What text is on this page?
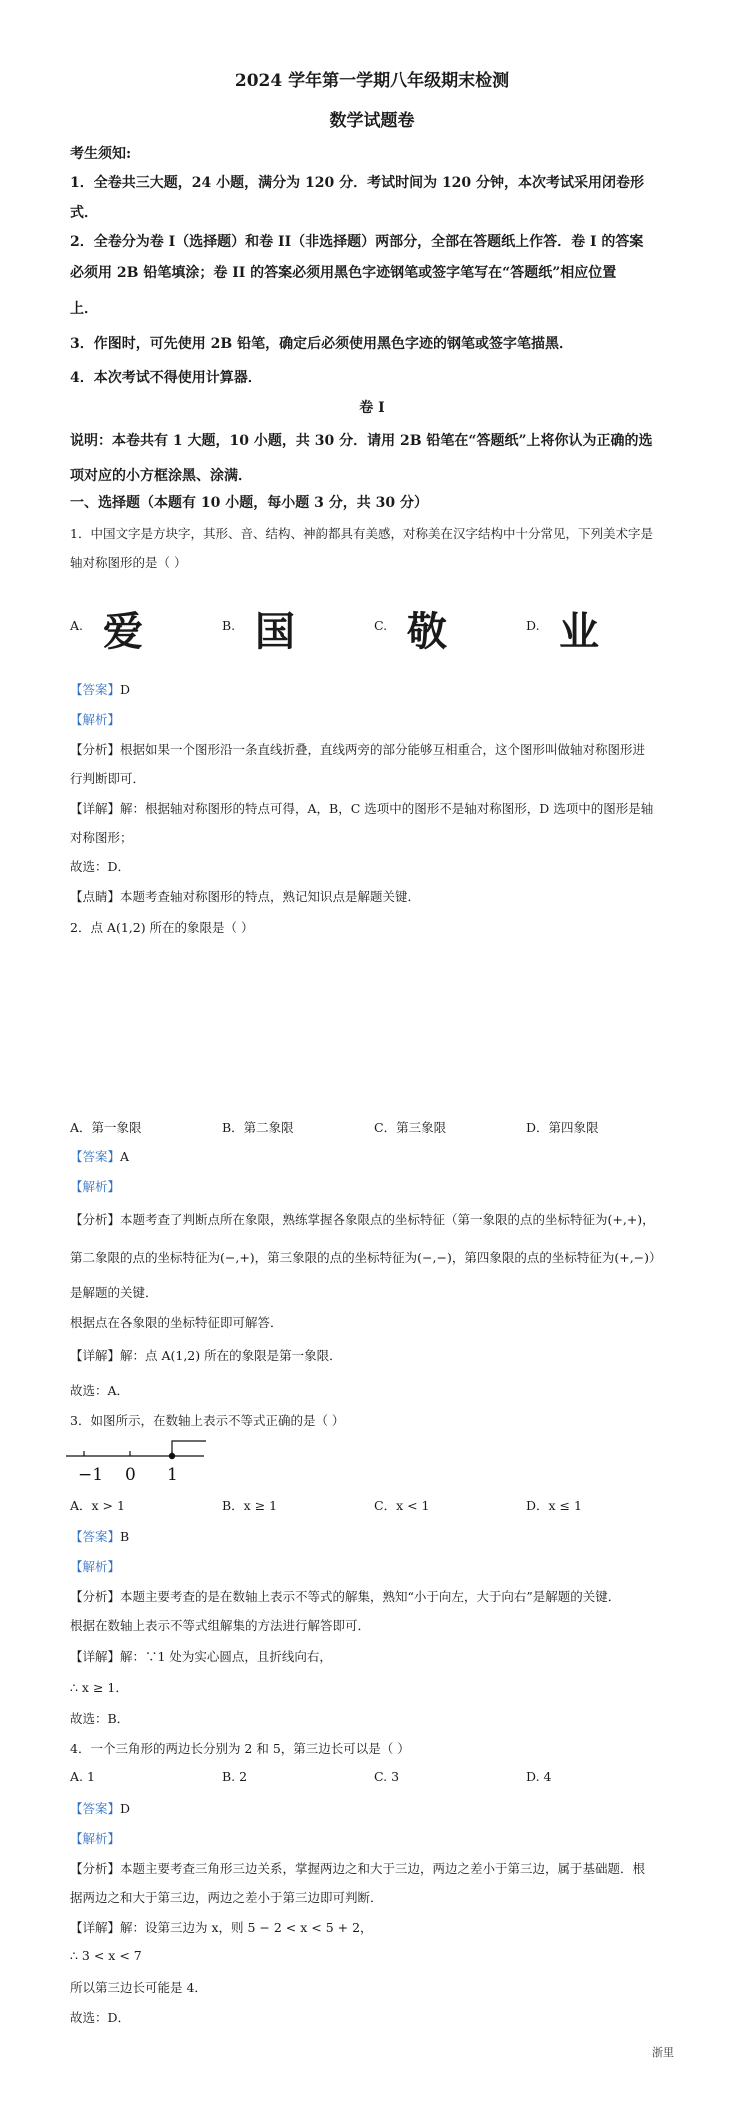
2024 学年第一学期八年级期末检测
数学试题卷
考生须知:
1．全卷共三大题，24 小题，满分为 120 分．考试时间为 120 分钟，本次考试采用闭卷形
式．
2．全卷分为卷 I（选择题）和卷 II（非选择题）两部分，全部在答题纸上作答．卷 I 的答案
必须用 2B 铅笔填涂；卷 II 的答案必须用黑色字迹钢笔或签字笔写在“答题纸”相应位置
上．
3．作图时，可先使用 2B 铅笔，确定后必须使用黑色字迹的钢笔或签字笔描黑．
4．本次考试不得使用计算器．
卷 I
说明：本卷共有 1 大题，10 小题，共 30 分．请用 2B 铅笔在“答题纸”上将你认为正确的选
项对应的小方框涂黑、涂满．
一、选择题（本题有 10 小题，每小题 3 分，共 30 分）
1．中国文字是方块字，其形、音、结构、神韵都具有美感，对称美在汉字结构中十分常见，下列美术字是
轴对称图形的是（ ）
A. 爱	B. 国	C. 敬	D. 业
【答案】D
【解析】
【分析】根据如果一个图形沿一条直线折叠，直线两旁的部分能够互相重合，这个图形叫做轴对称图形进
行判断即可．
【详解】解：根据轴对称图形的特点可得，A，B，C 选项中的图形不是轴对称图形，D 选项中的图形是轴
对称图形；
故选：D．
【点睛】本题考查轴对称图形的特点，熟记知识点是解题关键．
2．点 A(1,2) 所在的象限是（ ）
A．第一象限	B．第二象限	C．第三象限	D．第四象限
【答案】A
【解析】
【分析】本题考查了判断点所在象限，熟练掌握各象限点的坐标特征（第一象限的点的坐标特征为(+,+)，
第二象限的点的坐标特征为(−,+)，第三象限的点的坐标特征为(−,−)，第四象限的点的坐标特征为(+,−)）
是解题的关键．
根据点在各象限的坐标特征即可解答．
【详解】解：点 A(1,2) 所在的象限是第一象限．
故选：A．
3．如图所示，在数轴上表示不等式正确的是（ ）
−1 0 1
A．x > 1	B．x ≥ 1	C．x < 1	D．x ≤ 1
【答案】B
【解析】
【分析】本题主要考查的是在数轴上表示不等式的解集，熟知“小于向左，大于向右”是解题的关键．
根据在数轴上表示不等式组解集的方法进行解答即可．
【详解】解：∵1 处为实心圆点，且折线向右，
∴ x ≥ 1．
故选：B．
4．一个三角形的两边长分别为 2 和 5，第三边长可以是（ ）
A. 1	B. 2	C. 3	D. 4
【答案】D
【解析】
【分析】本题主要考查三角形三边关系，掌握两边之和大于三边，两边之差小于第三边，属于基础题．根
据两边之和大于第三边，两边之差小于第三边即可判断．
【详解】解：设第三边为 x，则 5 − 2 < x < 5 + 2，
∴ 3 < x < 7
所以第三边长可能是 4．
故选：D．
浙里
